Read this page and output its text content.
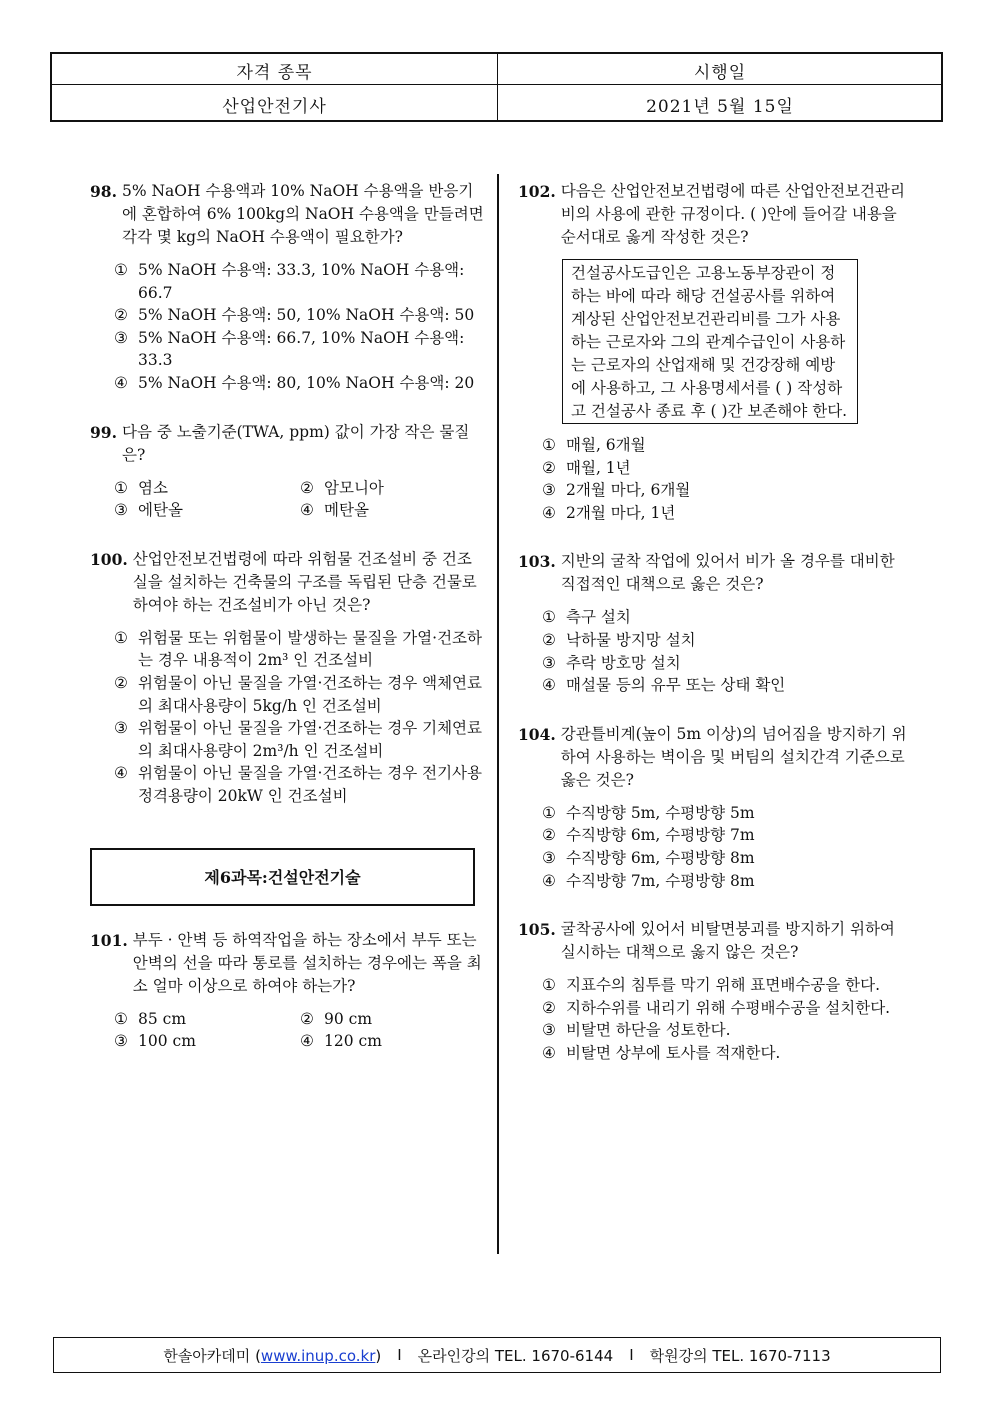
자격 종목	시행일
산업안전기사	2021년 5월 15일
98. 5% NaOH 수용액과 10% NaOH 수용액을 반응기에 혼합하여 6% 100kg의 NaOH 수용액을 만들려면 각각 몇 kg의 NaOH 수용액이 필요한가?
① 5% NaOH 수용액: 33.3, 10% NaOH 수용액: 66.7
② 5% NaOH 수용액: 50, 10% NaOH 수용액: 50
③ 5% NaOH 수용액: 66.7, 10% NaOH 수용액: 33.3
④ 5% NaOH 수용액: 80, 10% NaOH 수용액: 20
99. 다음 중 노출기준(TWA, ppm) 값이 가장 작은 물질은?
① 염소	② 암모니아
③ 에탄올	④ 메탄올
100. 산업안전보건법령에 따라 위험물 건조설비 중 건조실을 설치하는 건축물의 구조를 독립된 단층 건물로 하여야 하는 건조설비가 아닌 것은?
① 위험물 또는 위험물이 발생하는 물질을 가열·건조하는 경우 내용적이 2m³ 인 건조설비
② 위험물이 아닌 물질을 가열·건조하는 경우 액체연료의 최대사용량이 5kg/h 인 건조설비
③ 위험물이 아닌 물질을 가열·건조하는 경우 기체연료의 최대사용량이 2m³/h 인 건조설비
④ 위험물이 아닌 물질을 가열·건조하는 경우 전기사용 정격용량이 20kW 인 건조설비
제6과목:건설안전기술
101. 부두 · 안벽 등 하역작업을 하는 장소에서 부두 또는 안벽의 선을 따라 통로를 설치하는 경우에는 폭을 최소 얼마 이상으로 하여야 하는가?
① 85 cm	② 90 cm
③ 100 cm	④ 120 cm
102. 다음은 산업안전보건법령에 따른 산업안전보건관리비의 사용에 관한 규정이다. ( )안에 들어갈 내용을 순서대로 옳게 작성한 것은?
건설공사도급인은 고용노동부장관이 정하는 바에 따라 해당 건설공사를 위하여 계상된 산업안전보건관리비를 그가 사용하는 근로자와 그의 관계수급인이 사용하는 근로자의 산업재해 및 건강장해 예방에 사용하고, 그 사용명세서를 ( ) 작성하고 건설공사 종료 후 ( )간 보존해야 한다.
① 매월, 6개월
② 매월, 1년
③ 2개월 마다, 6개월
④ 2개월 마다, 1년
103. 지반의 굴착 작업에 있어서 비가 올 경우를 대비한 직접적인 대책으로 옳은 것은?
① 측구 설치
② 낙하물 방지망 설치
③ 추락 방호망 설치
④ 매설물 등의 유무 또는 상태 확인
104. 강관틀비계(높이 5m 이상)의 넘어짐을 방지하기 위하여 사용하는 벽이음 및 버팀의 설치간격 기준으로 옳은 것은?
① 수직방향 5m, 수평방향 5m
② 수직방향 6m, 수평방향 7m
③ 수직방향 6m, 수평방향 8m
④ 수직방향 7m, 수평방향 8m
105. 굴착공사에 있어서 비탈면붕괴를 방지하기 위하여 실시하는 대책으로 옳지 않은 것은?
① 지표수의 침투를 막기 위해 표면배수공을 한다.
② 지하수위를 내리기 위해 수평배수공을 설치한다.
③ 비탈면 하단을 성토한다.
④ 비탈면 상부에 토사를 적재한다.
한솔아카데미 (www.inup.co.kr) I 온라인강의 TEL. 1670-6144 I 학원강의 TEL. 1670-7113
